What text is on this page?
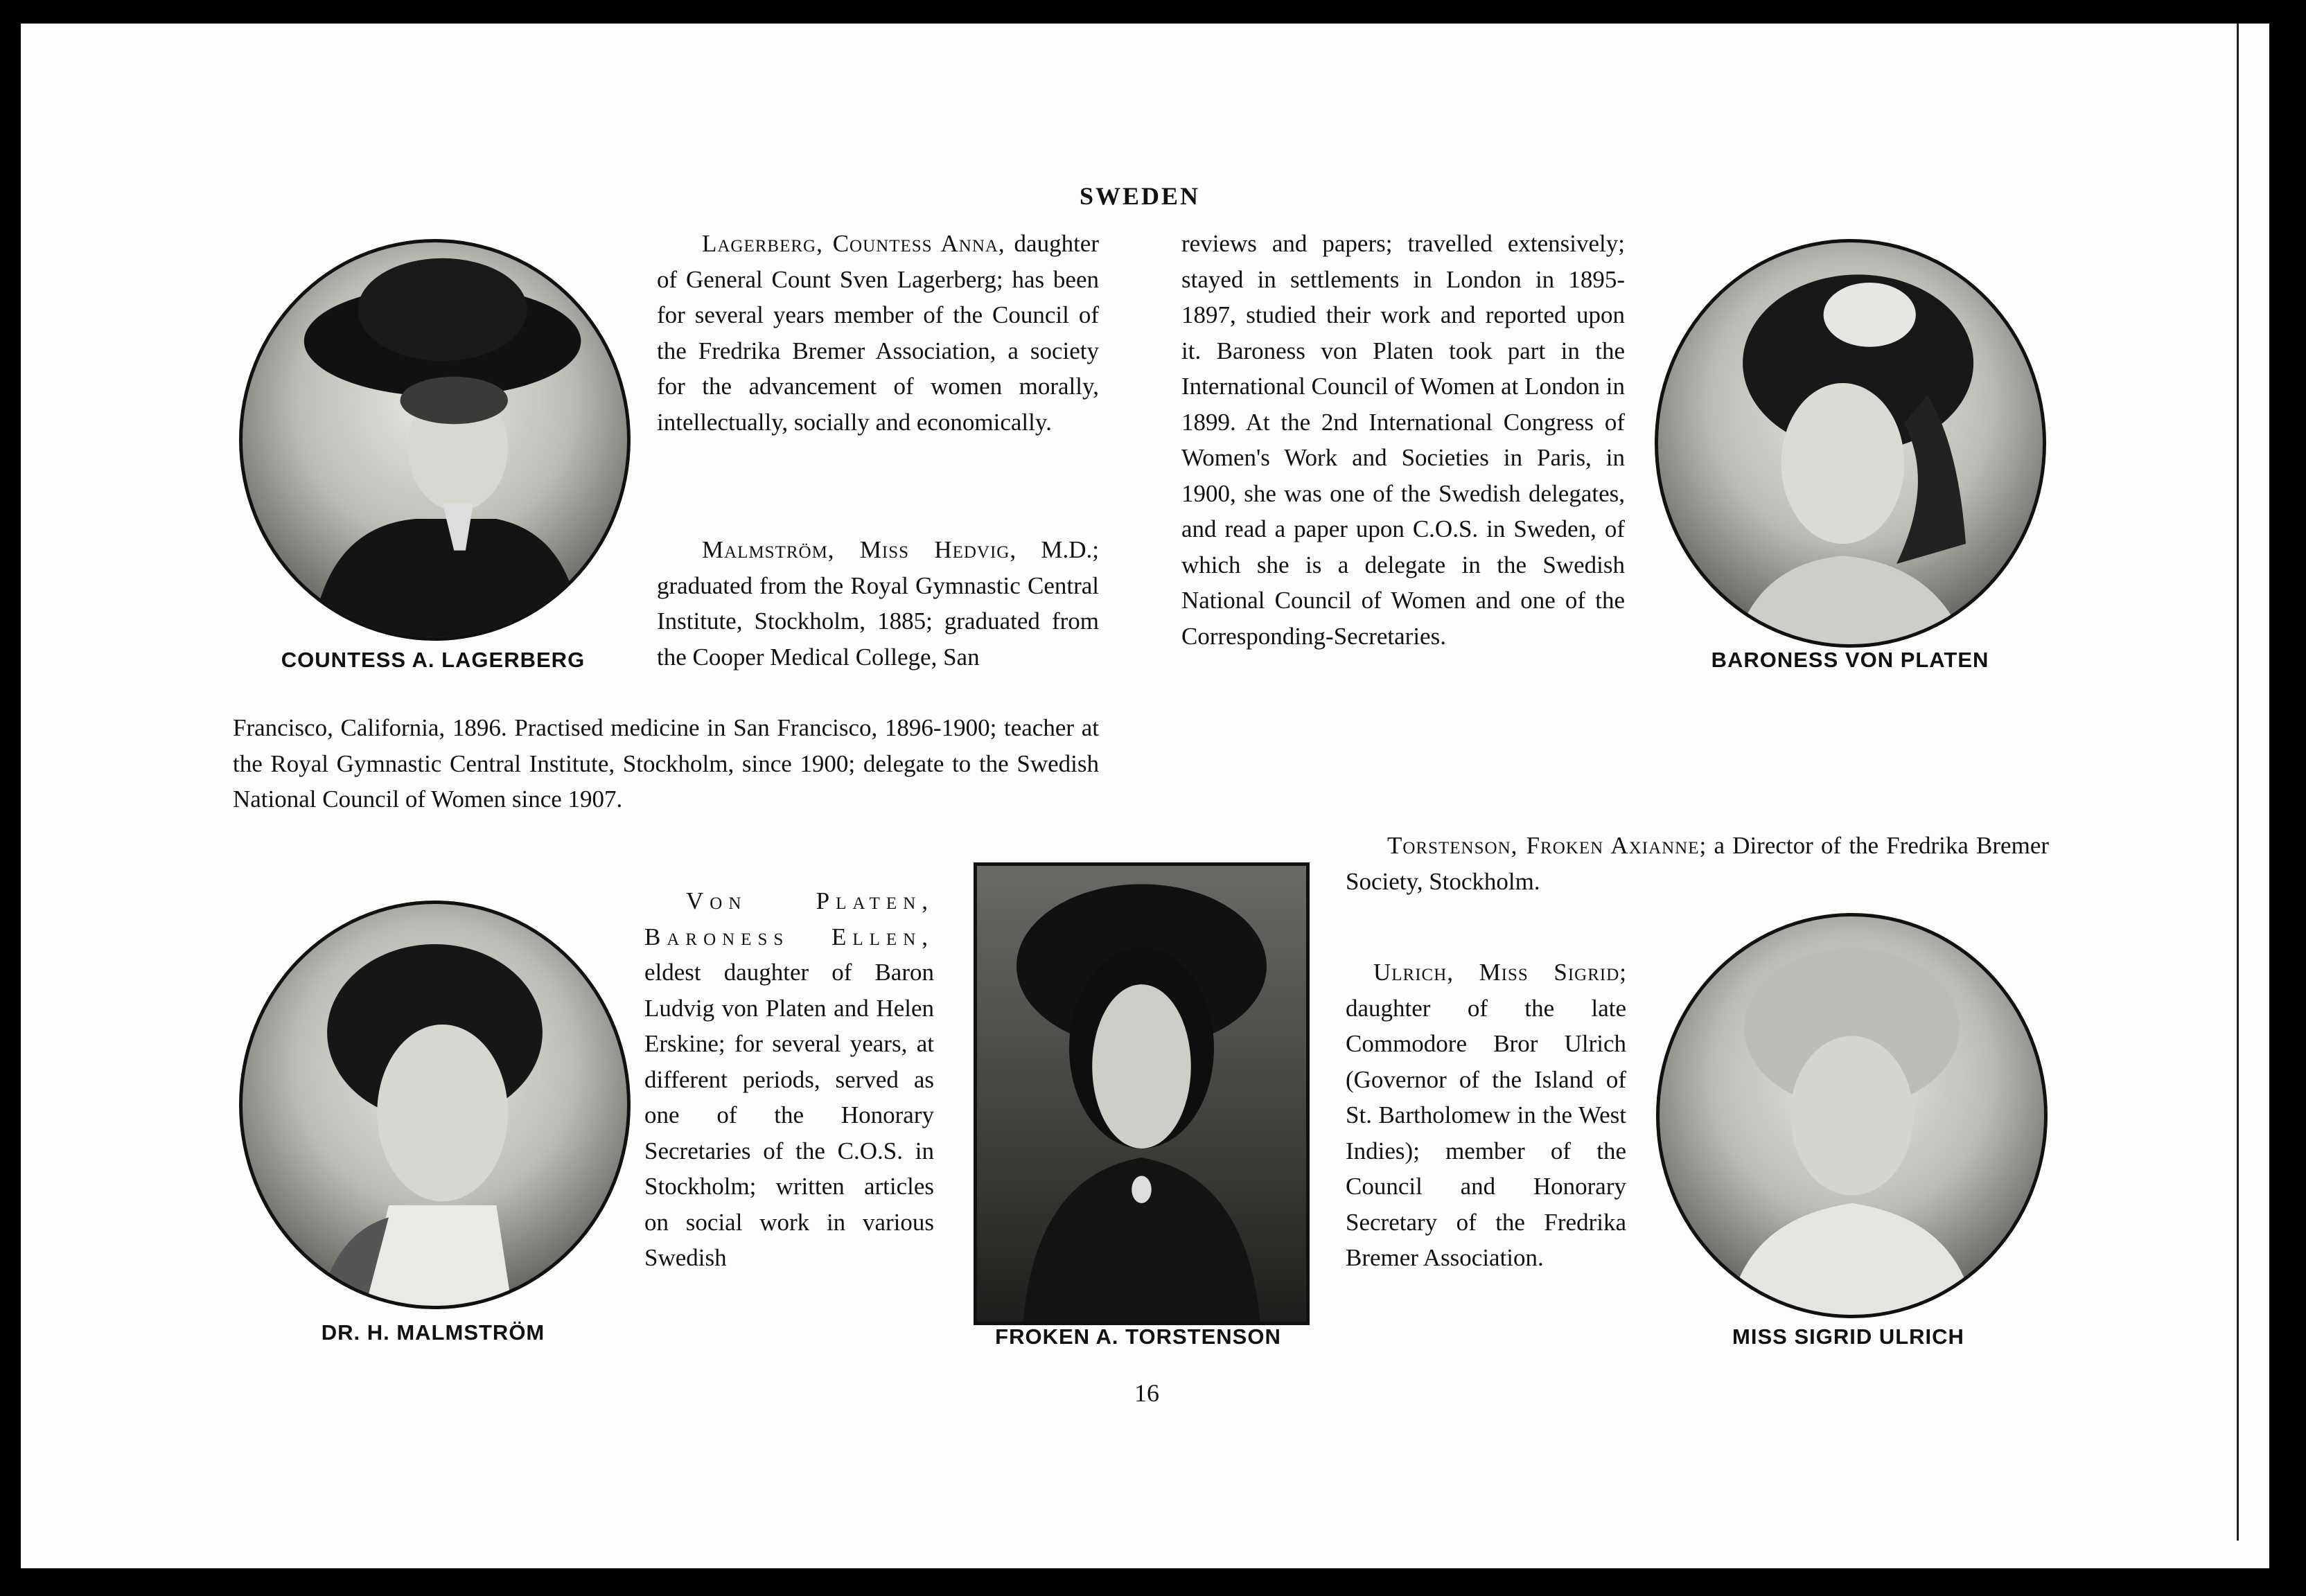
SWEDEN
COUNTESS A. LAGERBERG

Lagerberg, Countess Anna, daughter of General Count Sven Lagerberg; has been for several years member of the Council of the Fredrika Bremer Association, a society for the advancement of women morally, intellectually, socially and economically.

Malmström, Miss Hedvig, M.D.; graduated from the Royal Gymnastic Central Institute, Stockholm, 1885; graduated from the Cooper Medical College, San

Francisco, California, 1896. Practised medicine in San Francisco, 1896-1900; teacher at the Royal Gymnastic Central Institute, Stockholm, since 1900; delegate to the Swedish National Council of Women since 1907.

reviews and papers; travelled extensively; stayed in settlements in London in 1895-1897, studied their work and reported upon it. Baroness von Platen took part in the International Council of Women at London in 1899. At the 2nd International Congress of Women's Work and Societies in Paris, in 1900, she was one of the Swedish delegates, and read a paper upon C.O.S. in Sweden, of which she is a delegate in the Swedish National Council of Women and one of the Corresponding-Secretaries.

BARONESS VON PLATEN

Torstenson, Froken Axianne; a Director of the Fredrika Bremer Society, Stockholm.

DR. H. MALMSTRÖM

Von Platen, Baroness Ellen, eldest daughter of Baron Ludvig von Platen and Helen Erskine; for several years, at different periods, served as one of the Honorary Secretaries of the C.O.S. in Stockholm; written articles on social work in various Swedish

FROKEN A. TORSTENSON

Ulrich, Miss Sigrid; daughter of the late Commodore Bror Ulrich (Governor of the Island of St. Bartholomew in the West Indies); member of the Council and Honorary Secretary of the Fredrika Bremer Association.

MISS SIGRID ULRICH
16
